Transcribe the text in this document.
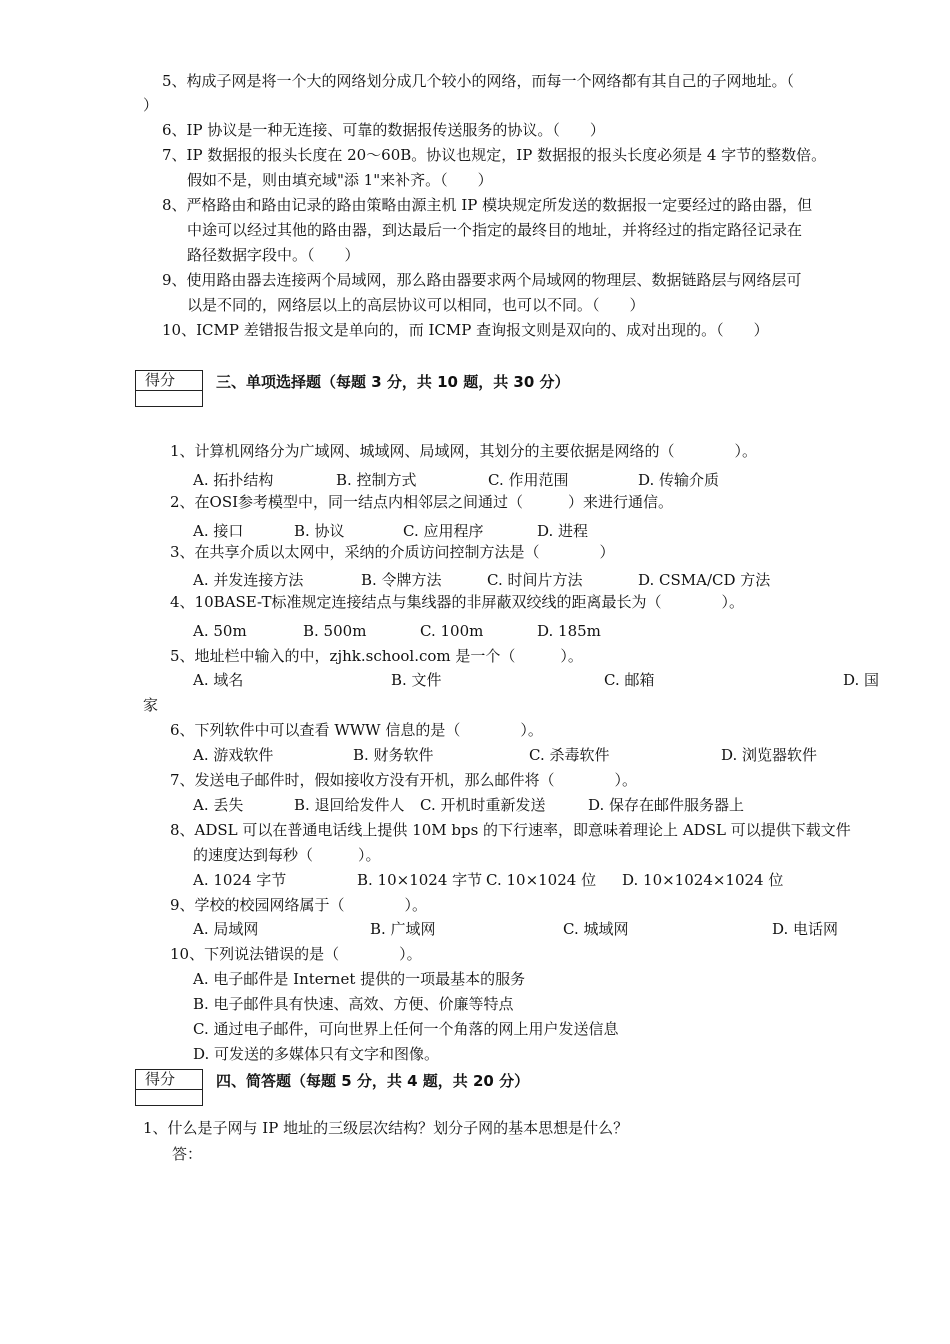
5、构成子网是将一个大的网络划分成几个较小的网络，而每一个网络都有其自己的子网地址。（
）
6、IP 协议是一种无连接、可靠的数据报传送服务的协议。（　　）
7、IP 数据报的报头长度在 20～60B。协议也规定，IP 数据报的报头长度必须是 4 字节的整数倍。
假如不是，则由填充域"添 1"来补齐。（　　）
8、严格路由和路由记录的路由策略由源主机 IP 模块规定所发送的数据报一定要经过的路由器，但
中途可以经过其他的路由器，到达最后一个指定的最终目的地址，并将经过的指定路径记录在
路径数据字段中。（　　）
9、使用路由器去连接两个局域网，那么路由器要求两个局域网的物理层、数据链路层与网络层可
以是不同的，网络层以上的高层协议可以相同，也可以不同。（　　）
10、ICMP 差错报告报文是单向的，而 ICMP 查询报文则是双向的、成对出现的。（　　）
得分	三、单项选择题（每题 3 分，共 10 题，共 30 分）
1、计算机网络分为广域网、城域网、局域网，其划分的主要依据是网络的（　　　　）。
A. 拓扑结构	B. 控制方式	C. 作用范围	D. 传输介质
2、在OSI参考模型中，同一结点内相邻层之间通过（　　　）来进行通信。
A. 接口	B. 协议	C. 应用程序	D. 进程
3、在共享介质以太网中，采纳的介质访问控制方法是（　　　　）
A. 并发连接方法	B. 令牌方法	C. 时间片方法	D. CSMA/CD 方法
4、10BASE-T标准规定连接结点与集线器的非屏蔽双绞线的距离最长为（　　　　）。
A. 50m	B. 500m	C. 100m	D. 185m
5、地址栏中输入的中，zjhk.school.com 是一个（　　　）。
A. 域名	B. 文件	C. 邮箱	D. 国
家
6、下列软件中可以查看 WWW 信息的是（　　　　）。
A. 游戏软件	B. 财务软件	C. 杀毒软件	D. 浏览器软件
7、发送电子邮件时，假如接收方没有开机，那么邮件将（　　　　）。
A. 丢失	B. 退回给发件人 C. 开机时重新发送	D. 保存在邮件服务器上
8、ADSL 可以在普通电话线上提供 10M bps 的下行速率，即意味着理论上 ADSL 可以提供下载文件
的速度达到每秒（　　　）。
A. 1024 字节	B. 10×1024 字节 C. 10×1024 位 D. 10×1024×1024 位
9、学校的校园网络属于（　　　　）。
A. 局域网	B. 广域网	C. 城域网	D. 电话网
10、下列说法错误的是（　　　　）。
A. 电子邮件是 Internet 提供的一项最基本的服务
B. 电子邮件具有快速、高效、方便、价廉等特点
C. 通过电子邮件，可向世界上任何一个角落的网上用户发送信息
D. 可发送的多媒体只有文字和图像。
得分	四、简答题（每题 5 分，共 4 题，共 20 分）
1、什么是子网与 IP 地址的三级层次结构？划分子网的基本思想是什么？
答：
